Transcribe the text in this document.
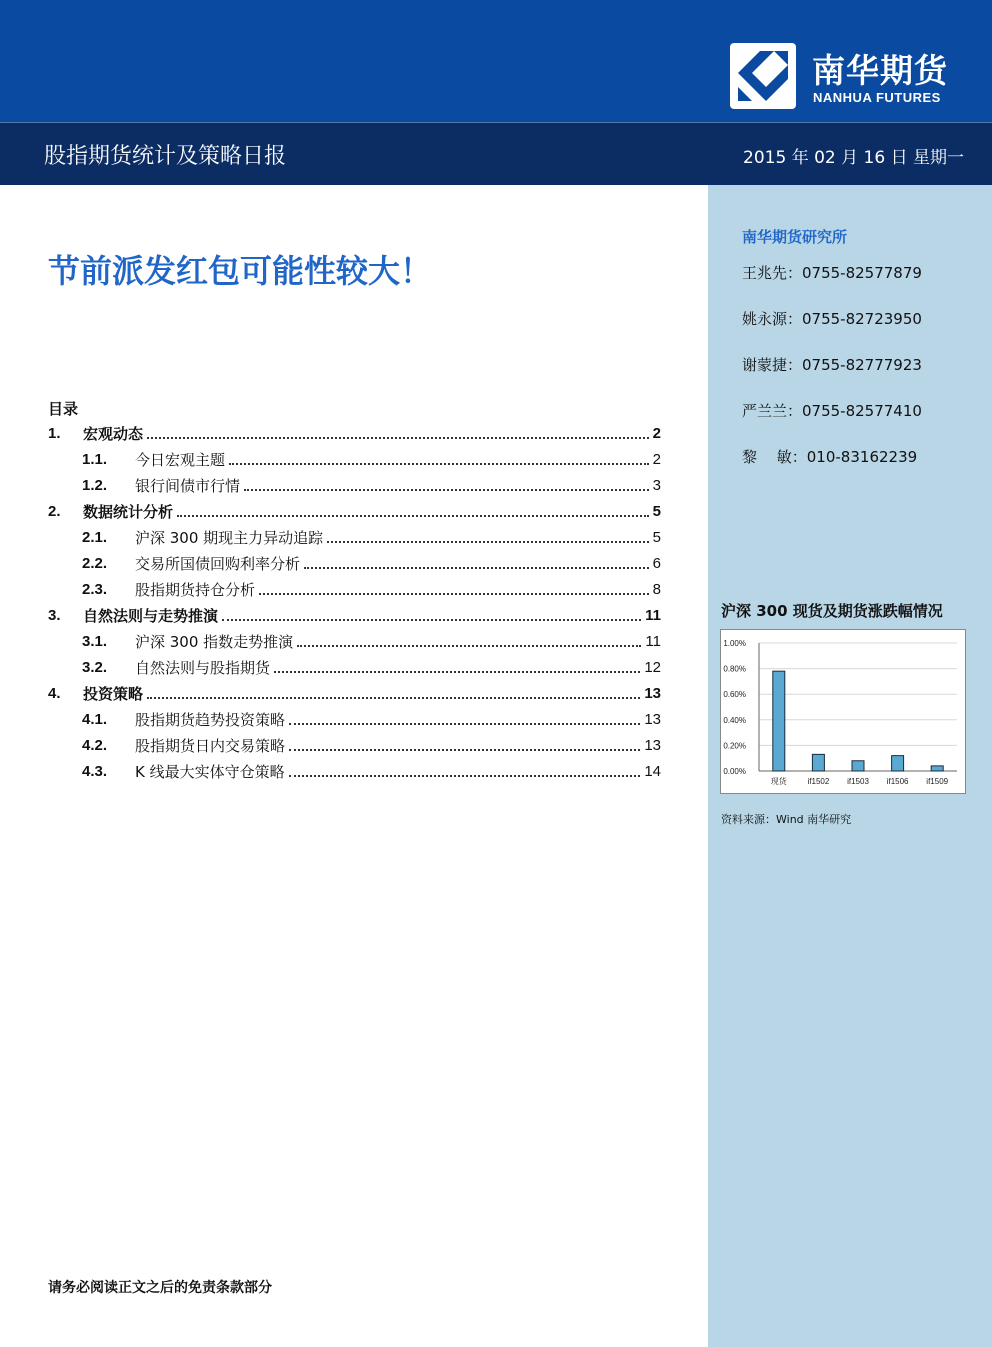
南华期货
NANHUA FUTURES
股指期货统计及策略日报	2015 年 02 月 16 日 星期一
节前派发红包可能性较大！
目录
1.	宏观动态	2
1.1.	今日宏观主题	2
1.2.	银行间债市行情	3
2.	数据统计分析	5
2.1.	沪深 300 期现主力异动追踪	5
2.2.	交易所国债回购利率分析	6
2.3.	股指期货持仓分析	8
3.	自然法则与走势推演	11
3.1.	沪深 300 指数走势推演	11
3.2.	自然法则与股指期货	12
4.	投资策略	13
4.1.	股指期货趋势投资策略	13
4.2.	股指期货日内交易策略	13
4.3.	K 线最大实体守仓策略	14
南华期货研究所
王兆先：0755-82577879
姚永源：0755-82723950
谢蒙捷：0755-82777923
严兰兰：0755-82577410
黎　 敏：010-83162239
沪深 300 现货及期货涨跌幅情况
0.00%
0.20%
0.40%
0.60%
0.80%
1.00%
现货	if1502 if1503 if1506 if1509
资料来源：Wind 南华研究
请务必阅读正文之后的免责条款部分
